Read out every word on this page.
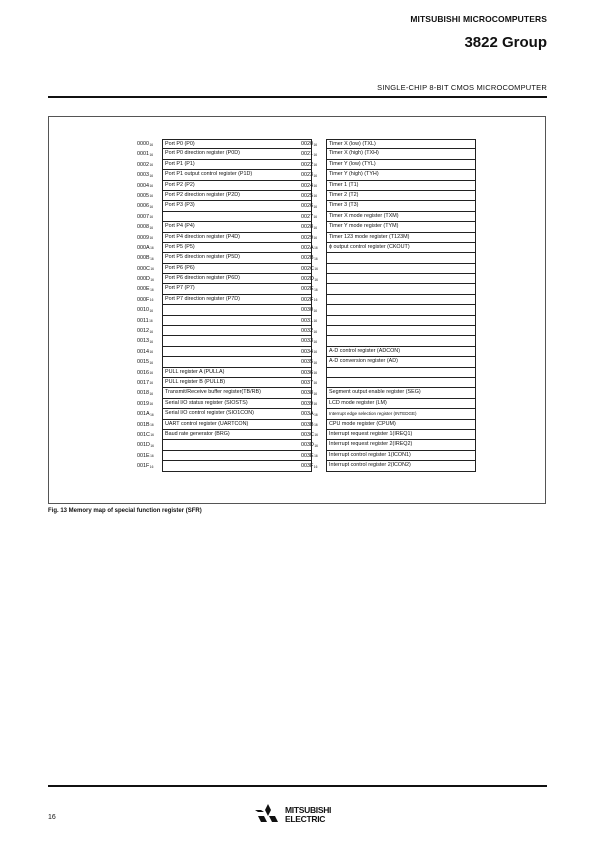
MITSUBISHI MICROCOMPUTERS
3822 Group
SINGLE-CHIP 8-BIT CMOS MICROCOMPUTER
$0000_{16}$	Port P0 (P0)
$0001_{16}$	Port P0 direction register (P0D)
$0002_{16}$	Port P1 (P1)
$0003_{16}$	Port P1 output control register (P1D)
$0004_{16}$	Port P2 (P2)
$0005_{16}$	Port P2 direction register (P2D)
$0006_{16}$	Port P3 (P3)
$0007_{16}$
$0008_{16}$	Port P4 (P4)
$0009_{16}$	Port P4 direction register (P4D)
$000A_{16}$	Port P5 (P5)
$000B_{16}$	Port P5 direction register (P5D)
$000C_{16}$	Port P6 (P6)
$000D_{16}$	Port P6 direction register (P6D)
$000E_{16}$	Port P7 (P7)
$000F_{16}$	Port P7 direction register (P7D)
$0010_{16}$
$0011_{16}$
$0012_{16}$
$0013_{16}$
$0014_{16}$
$0015_{16}$
$0016_{16}$	PULL register A (PULLA)
$0017_{16}$	PULL register B (PULLB)
$0018_{16}$	Transmit/Receive buffer register(TB/RB)
$0019_{16}$	Serial I/O status register (SIOSTS)
$001A_{16}$	Serial I/O control register (SIO1CON)
$001B_{16}$	UART control register (UARTCON)
$001C_{16}$	Baud rate generator (BRG)
$001D_{16}$
$001E_{16}$
$001F_{16}$
$0020_{16}$	Timer X (low) (TXL)
$0021_{16}$	Timer X (high) (TXH)
$0022_{16}$	Timer Y (low) (TYL)
$0023_{16}$	Timer Y (high) (TYH)
$0024_{16}$	Timer 1 (T1)
$0025_{16}$	Timer 2 (T2)
$0026_{16}$	Timer 3 (T3)
$0027_{16}$	Timer X mode register (TXM)
$0028_{16}$	Timer Y mode register (TYM)
$0029_{16}$	Timer 123 mode register (T123M)
$002A_{16}$	ϕ output control register (CKOUT)
$002B_{16}$
$002C_{16}$
$002D_{16}$
$002E_{16}$
$002F_{16}$
$0030_{16}$
$0031_{16}$
$0032_{16}$
$0033_{16}$
$0034_{16}$	A-D control register (ADCON)
$0035_{16}$	A-D conversion register (AD)
$0036_{16}$
$0037_{16}$
$0038_{16}$	Segment output enable register (SEG)
$0039_{16}$	LCD mode register (LM)
$003A_{16}$	Interrupt edge selection register (INTEDGE)
$003B_{16}$	CPU mode register (CPUM)
$003C_{16}$	Interrupt request register 1(IREQ1)
$003D_{16}$	Interrupt request register 2(IREQ2)
$003E_{16}$	Interrupt control register 1(ICON1)
$003F_{16}$	Interrupt control register 2(ICON2)
Fig. 13 Memory map of special function register (SFR)
16
MITSUBISHI
ELECTRIC
